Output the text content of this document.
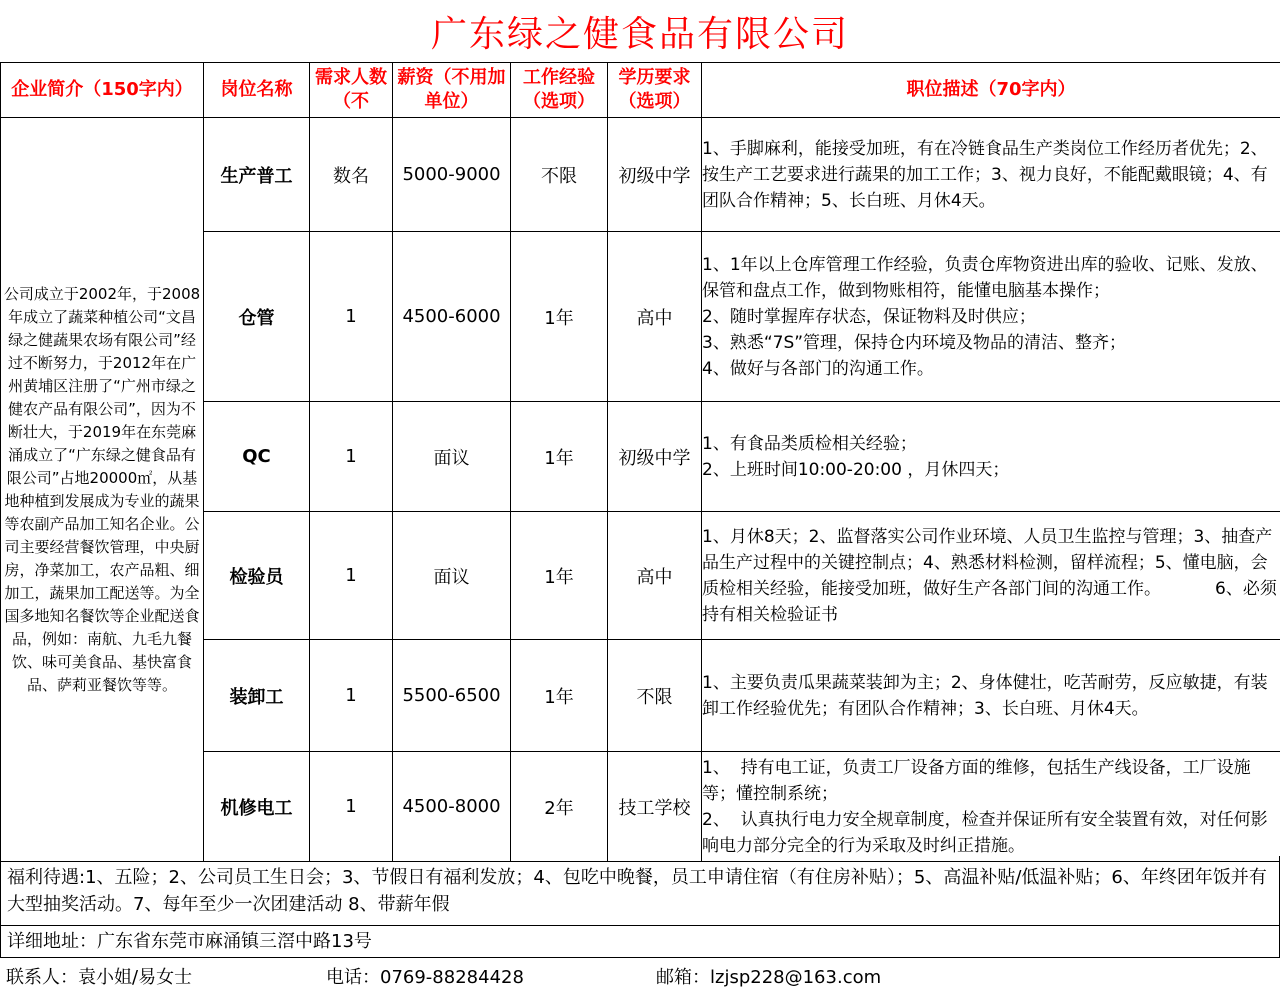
广东绿之健食品有限公司
企业简介（150字内）	岗位名称	需求人数（不	薪资（不用加单位）	工作经验（选项）	学历要求（选项）	职位描述（70字内）
公司成立于2002年，于2008年成立了蔬菜种植公司“文昌绿之健蔬果农场有限公司”经过不断努力，于2012年在广州黄埔区注册了“广州市绿之健农产品有限公司”，因为不断壮大，于2019年在东莞麻涌成立了“广东绿之健食品有限公司”占地20000㎡，从基地种植到发展成为专业的蔬果等农副产品加工知名企业。公司主要经营餐饮管理，中央厨房，净菜加工，农产品粗、细加工，蔬果加工配送等。为全国多地知名餐饮等企业配送食品，例如：南航、九毛九餐饮、味可美食品、基快富食品、萨莉亚餐饮等等。	生产普工	数名	5000-9000	不限	初级中学	1、手脚麻利，能接受加班，有在冷链食品生产类岗位工作经历者优先；2、按生产工艺要求进行蔬果的加工工作；3、视力良好，不能配戴眼镜；4、有团队合作精神；5、长白班、月休4天。

	仓管	1	4500-6000	1年	高中	1、1年以上仓库管理工作经验，负责仓库物资进出库的验收、记账、发放、保管和盘点工作，做到物账相符，能懂电脑基本操作；
2、随时掌握库存状态，保证物料及时供应；
3、熟悉“7S”管理，保持仓内环境及物品的清洁、整齐；
4、做好与各部门的沟通工作。

	QC	1	面议	1年	初级中学	1、有食品类质检相关经验；
2、上班时间10:00-20:00 ，月休四天；

	检验员	1	面议	1年	高中	1、月休8天；2、监督落实公司作业环境、人员卫生监控与管理；3、抽查产品生产过程中的关键控制点；4、熟悉材料检测，留样流程；5、懂电脑，会质检相关经验，能接受加班，做好生产各部门间的沟通工作。          6、必须持有相关检验证书

	装卸工	1	5500-6500	1年	不限	1、主要负责瓜果蔬菜装卸为主；2、身体健壮，吃苦耐劳，反应敏捷，有装卸工作经验优先；有团队合作精神；3、长白班、月休4天。

	机修电工	1	4500-8000	2年	技工学校	1、  持有电工证，负责工厂设备方面的维修，包括生产线设备，工厂设施等；懂控制系统；
2、  认真执行电力安全规章制度，检查并保证所有安全装置有效，对任何影响电力部分完全的行为采取及时纠正措施。
福利待遇:1、五险；2、公司员工生日会；3、节假日有福利发放；4、包吃中晚餐，员工申请住宿（有住房补贴）；5、高温补贴/低温补贴；6、年终团年饭并有大型抽奖活动。7、每年至少一次团建活动 8、带薪年假
详细地址：广东省东莞市麻涌镇三滘中路13号
联系人：袁小姐/易女士	电话：0769-88284428	邮箱：lzjsp228@163.com
